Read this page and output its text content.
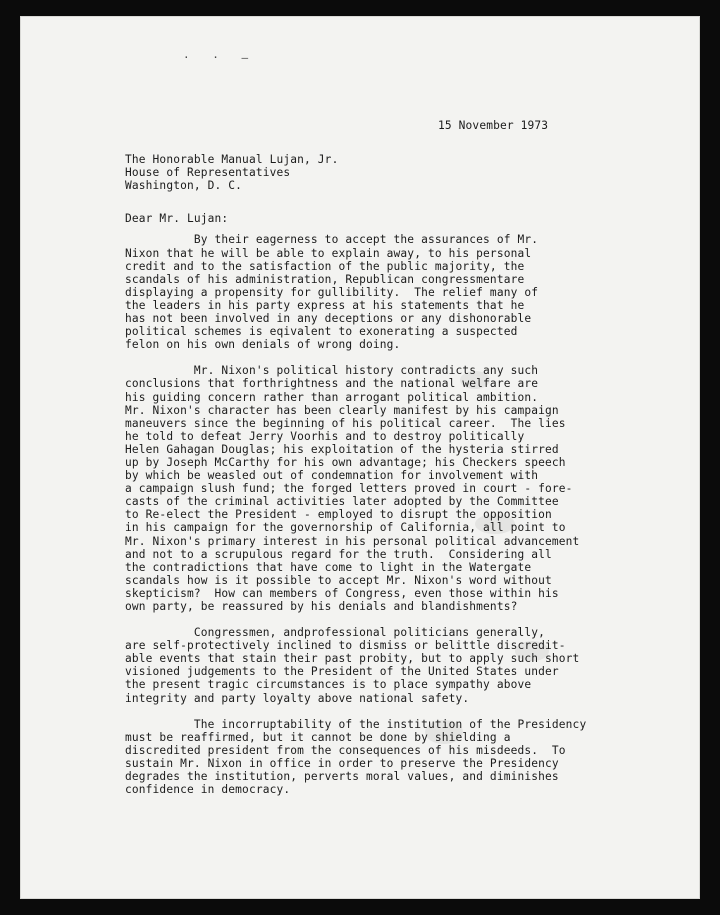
· · ‒
15 November 1973
The Honorable Manual Lujan, Jr.
House of Representatives
Washington, D. C.
Dear Mr. Lujan:
By their eagerness to accept the assurances of Mr.
Nixon that he will be able to explain away, to his personal
credit and to the satisfaction of the public majority, the
scandals of his administration, Republican congressmentare
displaying a propensity for gullibility.  The relief many of
the leaders in his party express at his statements that he
has not been involved in any deceptions or any dishonorable
political schemes is eqivalent to exonerating a suspected
felon on his own denials of wrong doing.
Mr. Nixon's political history contradicts any such
conclusions that forthrightness and the national welfare are
his guiding concern rather than arrogant political ambition.
Mr. Nixon's character has been clearly manifest by his campaign
maneuvers since the beginning of his political career.  The lies
he told to defeat Jerry Voorhis and to destroy politically
Helen Gahagan Douglas; his exploitation of the hysteria stirred
up by Joseph McCarthy for his own advantage; his Checkers speech
by which be weasled out of condemnation for involvement with
a campaign slush fund; the forged letters proved in court - fore-
casts of the criminal activities later adopted by the Committee
to Re-elect the President - employed to disrupt the opposition
in his campaign for the governorship of California, all point to
Mr. Nixon's primary interest in his personal political advancement
and not to a scrupulous regard for the truth.  Considering all
the contradictions that have come to light in the Watergate
scandals how is it possible to accept Mr. Nixon's word without
skepticism?  How can members of Congress, even those within his
own party, be reassured by his denials and blandishments?
Congressmen, andprofessional politicians generally,
are self-protectively inclined to dismiss or belittle discredit-
able events that stain their past probity, but to apply such short
visioned judgements to the President of the United States under
the present tragic circumstances is to place sympathy above
integrity and party loyalty above national safety.
The incorruptability of the institution of the Presidency
must be reaffirmed, but it cannot be done by shielding a
discredited president from the consequences of his misdeeds.  To
sustain Mr. Nixon in office in order to preserve the Presidency
degrades the institution, perverts moral values, and diminishes
confidence in democracy.
